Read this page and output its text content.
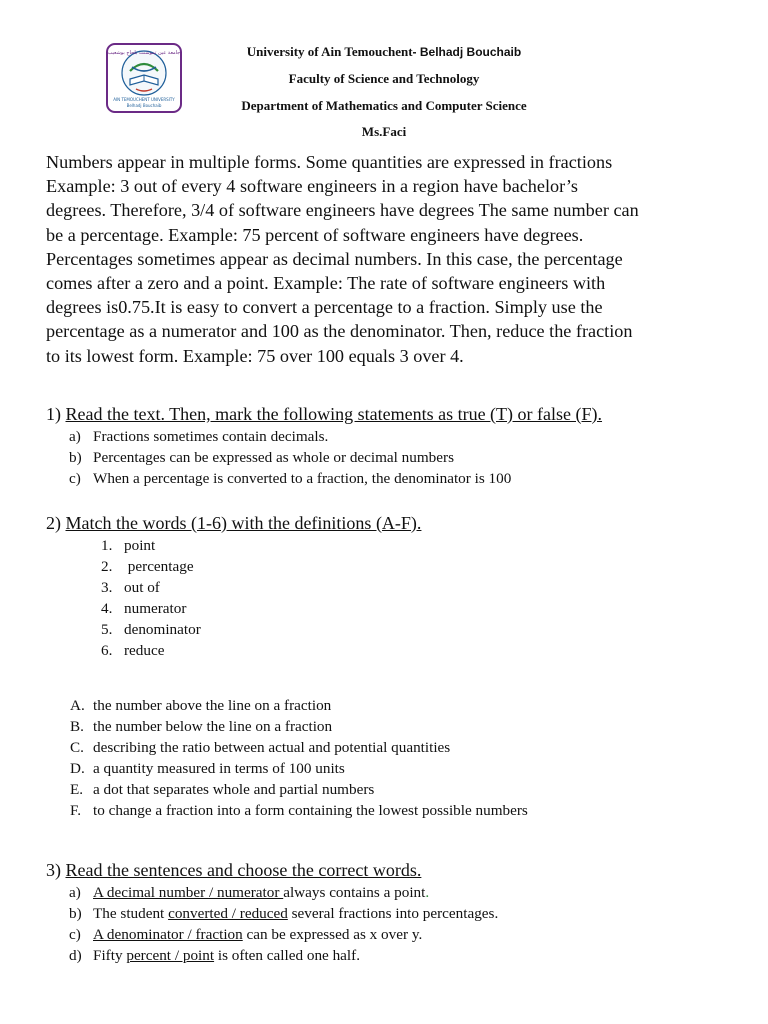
جامعة عين تموشنت بلحاج بوشعيب
AIN TEMOUCHENT UNIVERSITY
Belhadj Bouchaib
University of Ain Temouchent- Belhadj Bouchaib
Faculty of Science and Technology
Department of Mathematics and Computer Science
Ms.Faci
Numbers appear in multiple forms. Some quantities are expressed in fractions
Example: 3 out of every 4 software engineers in a region have bachelor’s
degrees. Therefore, 3/4 of software engineers have degrees The same number can
be a percentage. Example: 75 percent of software engineers have degrees.
Percentages sometimes appear as decimal numbers. In this case, the percentage
comes after a zero and a point. Example: The rate of software engineers with
degrees is0.75.It is easy to convert a percentage to a fraction. Simply use the
percentage as a numerator and 100 as the denominator. Then, reduce the fraction
to its lowest form. Example: 75 over 100 equals 3 over 4.
1) Read the text. Then, mark the following statements as true (T) or false (F).
a) Fractions sometimes contain decimals.
b) Percentages can be expressed as whole or decimal numbers
c) When a percentage is converted to a fraction, the denominator is 100
2) Match the words (1-6) with the definitions (A-F).
1. point
2. percentage
3. out of
4. numerator
5. denominator
6. reduce
A. the number above the line on a fraction
B. the number below the line on a fraction
C. describing the ratio between actual and potential quantities
D. a quantity measured in terms of 100 units
E. a dot that separates whole and partial numbers
F. to change a fraction into a form containing the lowest possible numbers
3) Read the sentences and choose the correct words.
a) A decimal number / numerator always contains a point.
b) The student converted / reduced several fractions into percentages.
c) A denominator / fraction can be expressed as x over y.
d) Fifty percent / point is often called one half.
